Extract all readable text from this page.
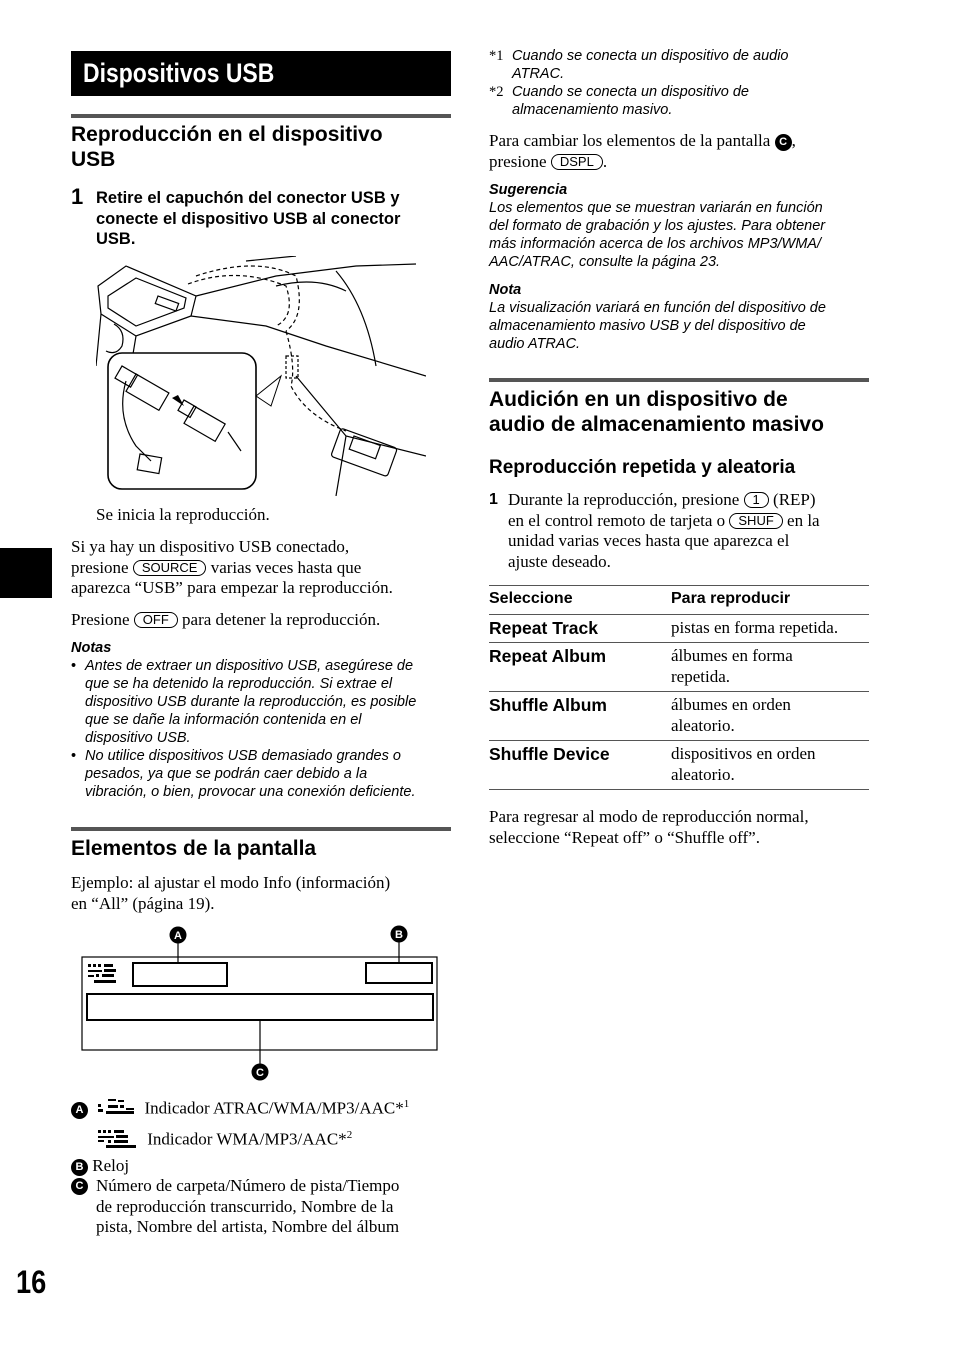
Dispositivos USB
Reproducción en el dispositivo
USB
1 Retire el capuchón del conector USB y
conecte el dispositivo USB al conector
USB.
Se inicia la reproducción.
Si ya hay un dispositivo USB conectado,
presione SOURCE varias veces hasta que
aparezca “USB” para empezar la reproducción.
Presione OFF para detener la reproducción.
Notas
• Antes de extraer un dispositivo USB, asegúrese de
que se ha detenido la reproducción. Si extrae el
dispositivo USB durante la reproducción, es posible
que se dañe la información contenida en el
dispositivo USB.
• No utilice dispositivos USB demasiado grandes o
pesados, ya que se podrán caer debido a la
vibración, o bien, provocar una conexión deficiente.
Elementos de la pantalla
Ejemplo: al ajustar el modo Info (información)
en “All” (página 19).
A	B
C
A	Indicador ATRAC/WMA/MP3/AAC*$^1$
Indicador WMA/MP3/AAC*$^2$
B Reloj
C Número de carpeta/Número de pista/Tiempo
de reproducción transcurrido, Nombre de la
pista, Nombre del artista, Nombre del álbum
16
*1 Cuando se conecta un dispositivo de audio
ATRAC.
*2 Cuando se conecta un dispositivo de
almacenamiento masivo.
Para cambiar los elementos de la pantalla C ,
presione DSPL .
Sugerencia
Los elementos que se muestran variarán en función
del formato de grabación y los ajustes. Para obtener
más información acerca de los archivos MP3/WMA/
AAC/ATRAC, consulte la página 23.
Nota
La visualización variará en función del dispositivo de
almacenamiento masivo USB y del dispositivo de
audio ATRAC.
Audición en un dispositivo de
audio de almacenamiento masivo
Reproducción repetida y aleatoria
1 Durante la reproducción, presione 1 (REP)
en el control remoto de tarjeta o SHUF en la
unidad varias veces hasta que aparezca el
ajuste deseado.
Seleccione	Para reproducir
Repeat Track	pistas en forma repetida.
Repeat Album	álbumes en forma repetida.
Shuffle Album	álbumes en orden aleatorio.
Shuffle Device	dispositivos en orden aleatorio.
Para regresar al modo de reproducción normal,
seleccione “Repeat off” o “Shuffle off”.
